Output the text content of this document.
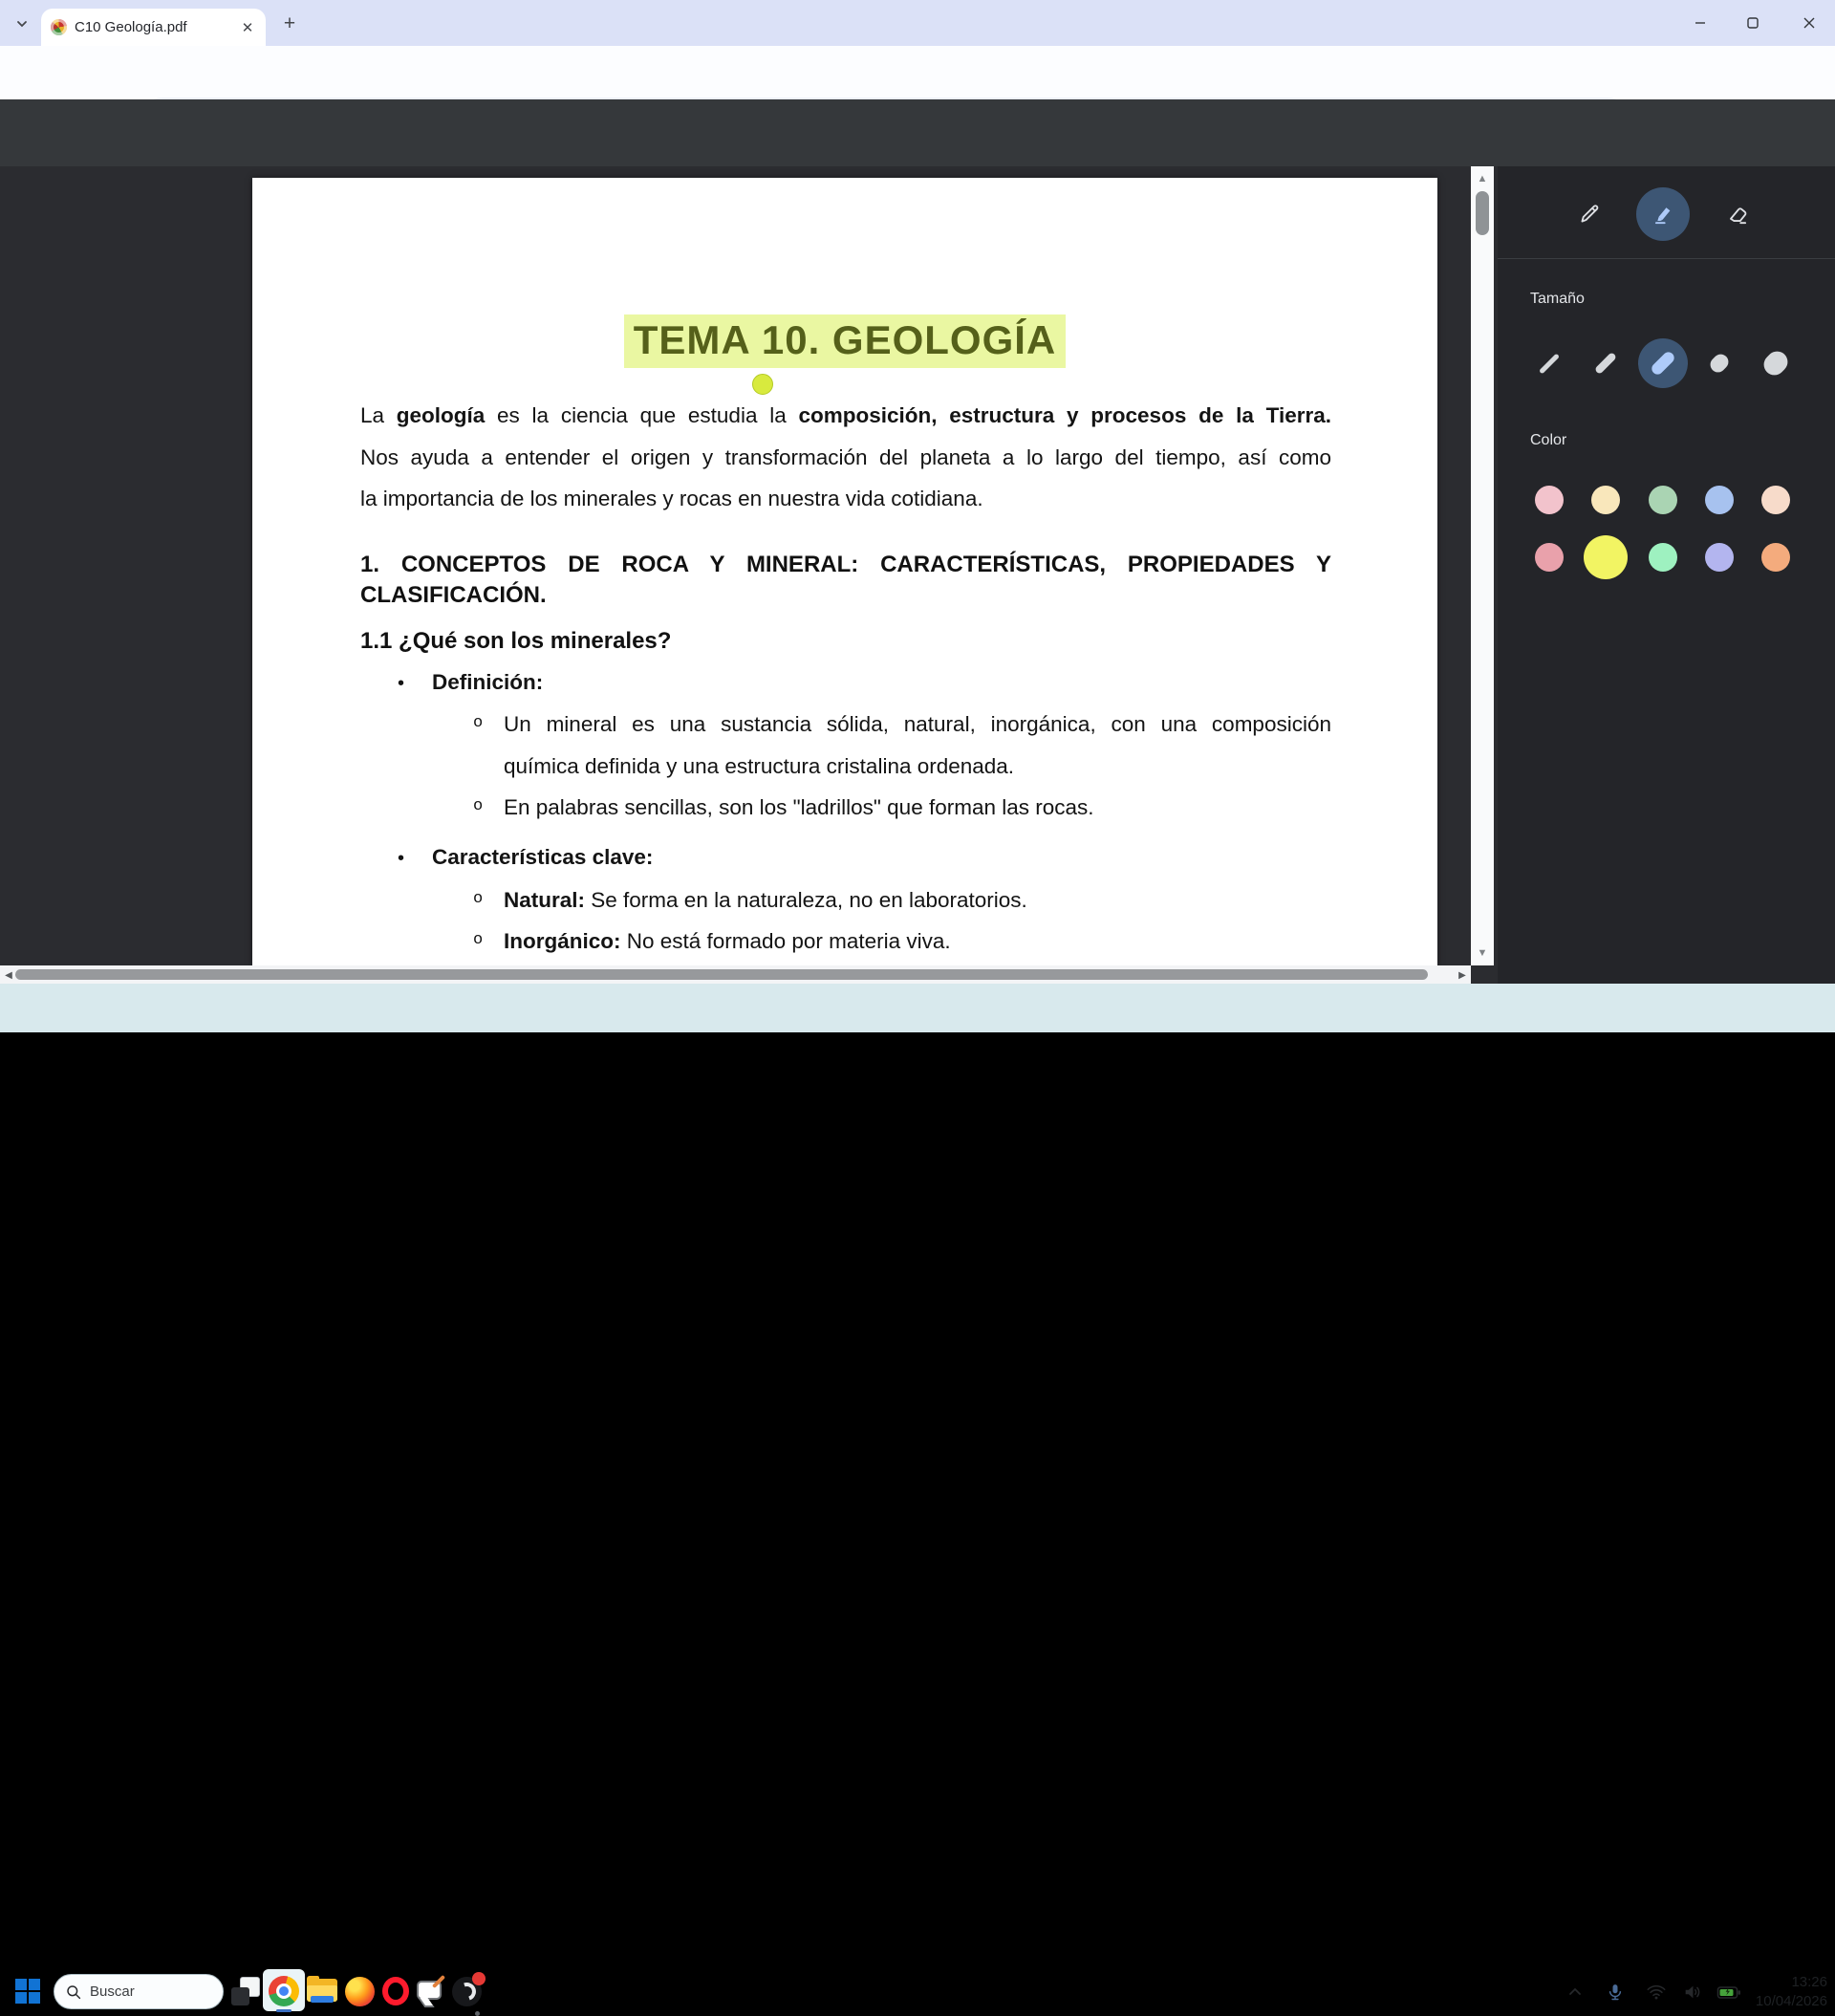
C10 Geología.pdf	✕	+
1
TEMA 10. GEOLOGÍA
La geología es la ciencia que estudia la composición, estructura y procesos de la Tierra.
Nos ayuda a entender el origen y transformación del planeta a lo largo del tiempo, así como
la importancia de los minerales y rocas en nuestra vida cotidiana.
1. CONCEPTOS DE ROCA Y MINERAL: CARACTERÍSTICAS, PROPIEDADES Y
CLASIFICACIÓN.
1.1 ¿Qué son los minerales?
• Definición:
o Un mineral es una sustancia sólida, natural, inorgánica, con una composición
química definida y una estructura cristalina ordenada.
o En palabras sencillas, son los "ladrillos" que forman las rocas.
• Características clave:
o Natural: Se forma en la naturaleza, no en laboratorios.
o Inorgánico: No está formado por materia viva.
▲
▼
◀	▶
Tamaño
Color
Buscar
13:26
10/04/2026
